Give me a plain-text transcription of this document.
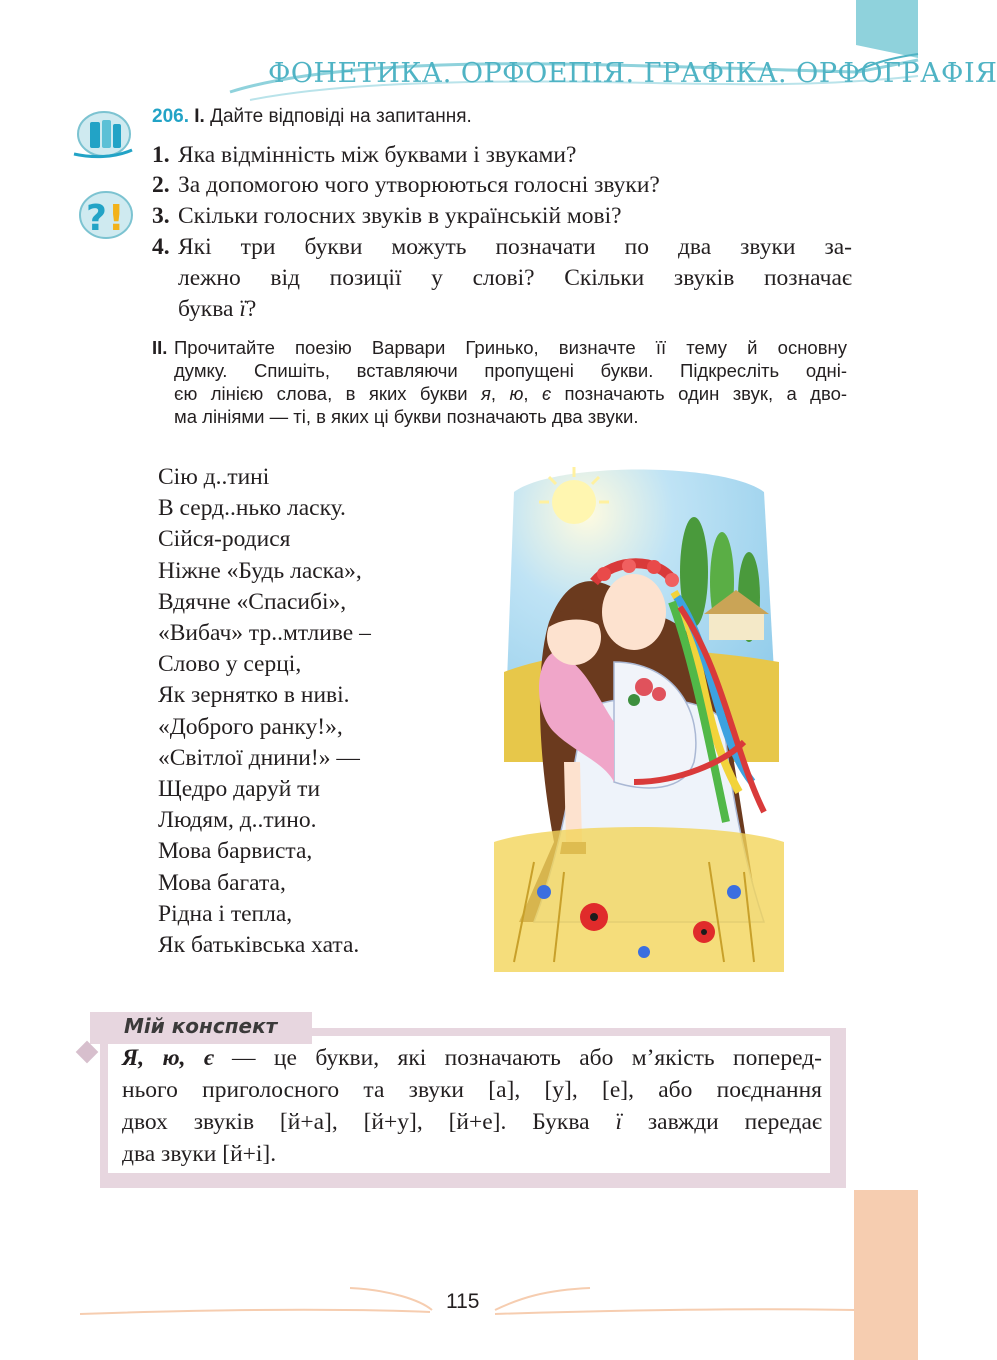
ФОНЕТИКА. ОРФОЕПІЯ. ГРАФІКА. ОРФОГРАФІЯ
? !
206. І. Дайте відповіді на запитання.
1. Яка відмінність між буквами і звуками?
2. За допомогою чого утворюються голосні звуки?
3. Скільки голосних звуків в українській мові?
4. Які три букви можуть позначати по два звуки за-
лежно від позиції у слові? Скільки звуків позначає
буква ї?
ІІ. Прочитайте поезію Варвари Гринько, визначте її тему й основну
думку. Спишіть, вставляючи пропущені букви. Підкресліть одні-
єю лінією слова, в яких букви я, ю, є позначають один звук, а дво-
ма лініями — ті, в яких ці букви позначають два звуки.
Сію д..тині
В серд..нько ласку.
Сійся-родися
Ніжне «Будь ласка»,
Вдячне «Спасибі»,
«Вибач» тр..мтливе –
Слово у серці,
Як зернятко в ниві.
«Доброго ранку!»,
«Світлої днини!» —
Щедро даруй ти
Людям, д..тино.
Мова барвиста,
Мова багата,
Рідна і тепла,
Як батьківська хата.
Мій конспект
Я, ю, є — це букви, які позначають або м’якість поперед-
нього приголосного та звуки [а], [у], [е], або поєднання
двох звуків [й+а], [й+у], [й+е]. Буква ї завжди передає
два звуки [й+і].
115
